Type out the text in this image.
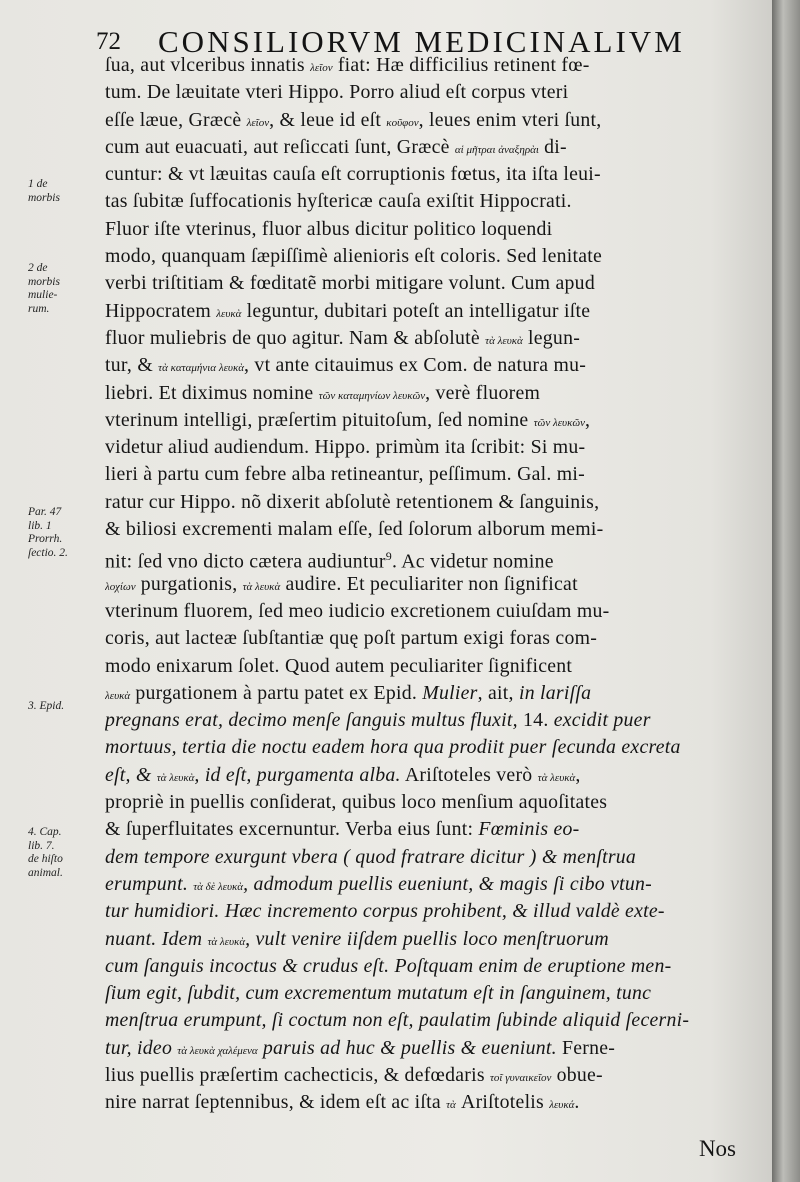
72 CONSILIORVM MEDICINALIVM
1 de
morbis
2 de
morbis
mulie-
rum.
Par. 47
lib. 1
Prorrh.
ſectio. 2.
3. Epid.
4. Cap.
lib. 7.
de hiſto
animal.
ſua, aut vlceribus innatis λεῖον fiat: Hæ difficilius retinent fœ-
tum. De læuitate vteri Hippo. Porro aliud eſt corpus vteri
eſſe læue, Græcè λεῖον, & leue id eſt κοῦφον, leues enim vteri ſunt,
cum aut euacuati, aut reſiccati ſunt, Græcè αἱ μῆτραι ἀναξηρὰι di-
cuntur: & vt læuitas cauſa eſt corruptionis fœtus, ita iſta leui-
tas ſubitæ ſuffocationis hyſtericæ cauſa exiſtit Hippocrati.
Fluor iſte vterinus, fluor albus dicitur politico loquendi
modo, quanquam ſæpiſſimè alienioris eſt coloris. Sed lenitate
verbi triſtitiam & fœditatẽ morbi mitigare volunt. Cum apud
Hippocratem λευκὰ leguntur, dubitari poteſt an intelligatur iſte
fluor muliebris de quo agitur. Nam & abſolutè τὰ λευκὰ legun-
tur, & τὰ καταμήνια λευκὰ, vt ante citauimus ex Com. de natura mu-
liebri. Et diximus nomine τῶν καταμηνίων λευκῶν, verè fluorem
vterinum intelligi, præſertim pituitoſum, ſed nomine τῶν λευκῶν,
videtur aliud audiendum. Hippo. primùm ita ſcribit: Si mu-
lieri à partu cum febre alba retineantur, peſſimum. Gal. mi-
ratur cur Hippo. nõ dixerit abſolutè retentionem & ſanguinis,
& biliosi excrementi malam eſſe, ſed ſolorum alborum memi-
nit: ſed vno dicto cætera audiuntur$^9$. Ac videtur nomine
λοχίων purgationis, τὰ λευκὰ audire. Et peculiariter non ſignificat
vterinum fluorem, ſed meo iudicio excretionem cuiuſdam mu-
coris, aut lacteæ ſubſtantiæ quę poſt partum exigi foras com-
modo enixarum ſolet. Quod autem peculiariter ſignificent
λευκὰ purgationem à partu patet ex Epid. Mulier, ait, in lariſſa
pregnans erat, decimo menſe ſanguis multus fluxit, 14. excidit puer
mortuus, tertia die noctu eadem hora qua prodiit puer ſecunda excreta
eſt, & τὰ λευκὰ, id eſt, purgamenta alba. Ariſtoteles verò τὰ λευκὰ,
propriè in puellis conſiderat, quibus loco menſium aquoſitates
& ſuperfluitates excernuntur. Verba eius ſunt: Fœminis eo-
dem tempore exurgunt vbera ( quod fratrare dicitur ) & menſtrua
erumpunt. τὰ δὲ λευκὰ, admodum puellis eueniunt, & magis ſi cibo vtun-
tur humidiori. Hæc incremento corpus prohibent, & illud valdè exte-
nuant. Idem τὰ λευκὰ, vult venire iiſdem puellis loco menſtruorum
cum ſanguis incoctus & crudus eſt. Poſtquam enim de eruptione men-
ſium egit, ſubdit, cum excrementum mutatum eſt in ſanguinem, tunc
menſtrua erumpunt, ſi coctum non eſt, paulatim ſubinde aliquid ſecerni-
tur, ideo τὰ λευκὰ χαλέμενα paruis ad huc & puellis & eueniunt. Ferne-
lius puellis præſertim cachecticis, & defœdaris τοῖ γυναικεῖον obue-
nire narrat ſeptennibus, & idem eſt ac iſta τὰ Ariſtotelis λευκά.
Nos
